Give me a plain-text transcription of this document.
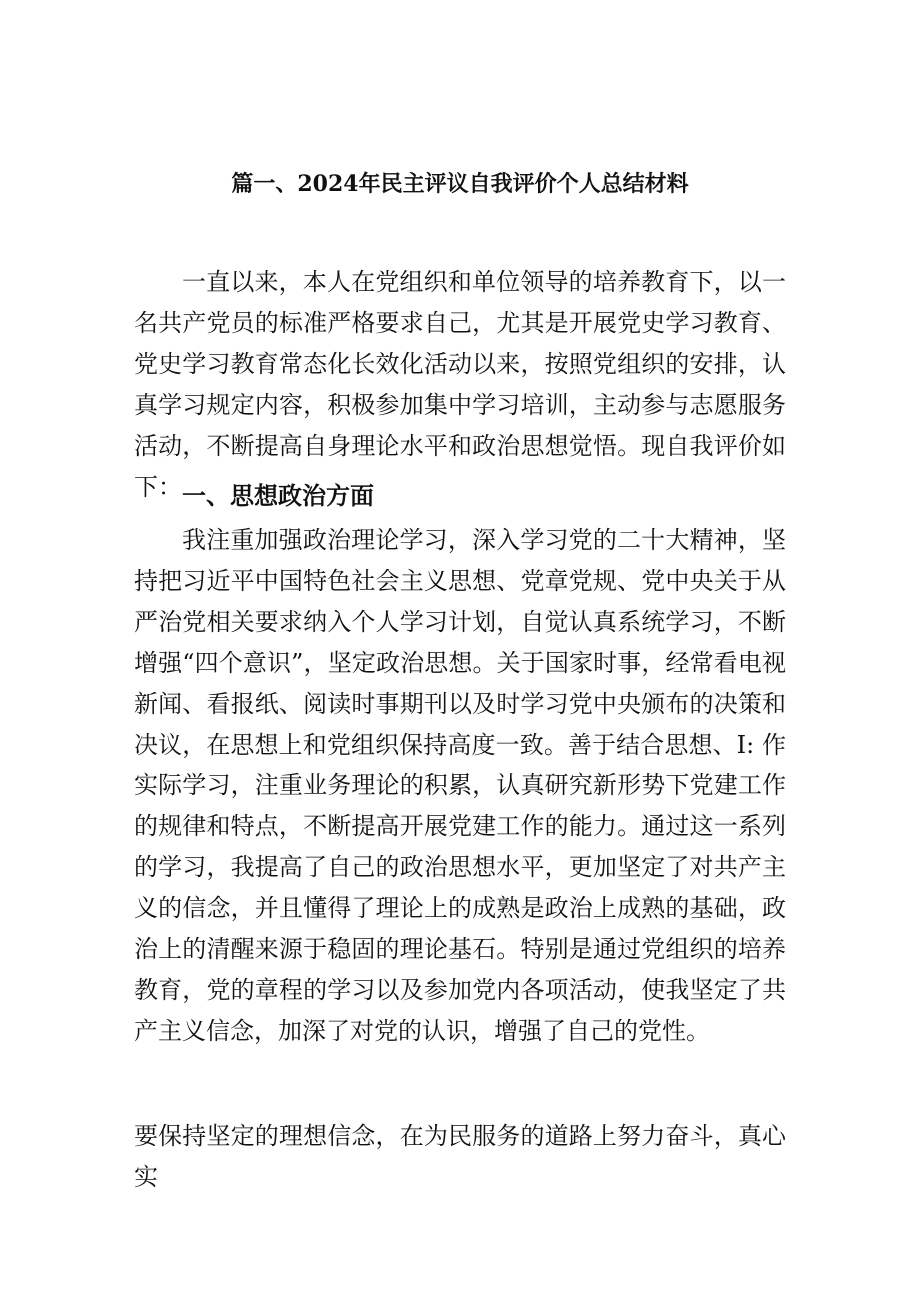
篇一、2024年民主评议自我评价个人总结材料

一直以来，本人在党组织和单位领导的培养教育下，以一名共产党员的标准严格要求自己，尤其是开展党史学习教育、党史学习教育常态化长效化活动以来，按照党组织的安排，认真学习规定内容，积极参加集中学习培训，主动参与志愿服务活动，不断提高自身理论水平和政治思想觉悟。现自我评价如下： 一、思想政治方面

我注重加强政治理论学习，深入学习党的二十大精神，坚持把习近平中国特色社会主义思想、党章党规、党中央关于从严治党相关要求纳入个人学习计划，自觉认真系统学习，不断增强“四个意识”，坚定政治思想。关于国家时事，经常看电视新闻、看报纸、阅读时事期刊以及时学习党中央颁布的决策和决议，在思想上和党组织保持高度一致。善于结合思想、I: 作实际学习，注重业务理论的积累，认真研究新形势下党建工作的规律和特点，不断提高开展党建工作的能力。通过这一系列的学习，我提高了自己的政治思想水平，更加坚定了对共产主义的信念，并且懂得了理论上的成熟是政治上成熟的基础，政治上的清醒来源于稳固的理论基石。特别是通过党组织的培养教育，党的章程的学习以及参加党内各项活动，使我坚定了共产主义信念，加深了对党的认识，增强了自己的党性。

要保持坚定的理想信念，在为民服务的道路上努力奋斗，真心实
